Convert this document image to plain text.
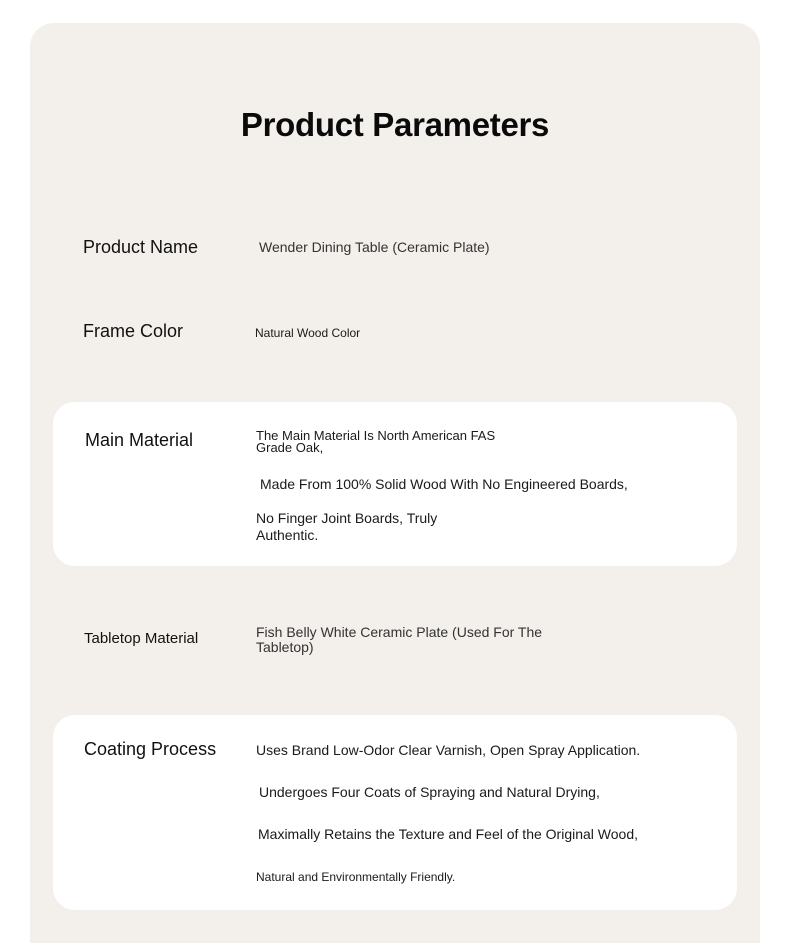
Product Parameters
Product Name	Wender Dining Table (Ceramic Plate)
Frame Color	Natural Wood Color
Main Material	The Main Material Is North American FAS
Grade Oak,
Made From 100% Solid Wood With No Engineered Boards,
No Finger Joint Boards, Truly
Authentic.
Tabletop Material	Fish Belly White Ceramic Plate (Used For The
Tabletop)
Coating Process	Uses Brand Low-Odor Clear Varnish, Open Spray Application.
Undergoes Four Coats of Spraying and Natural Drying,
Maximally Retains the Texture and Feel of the Original Wood,
Natural and Environmentally Friendly.
